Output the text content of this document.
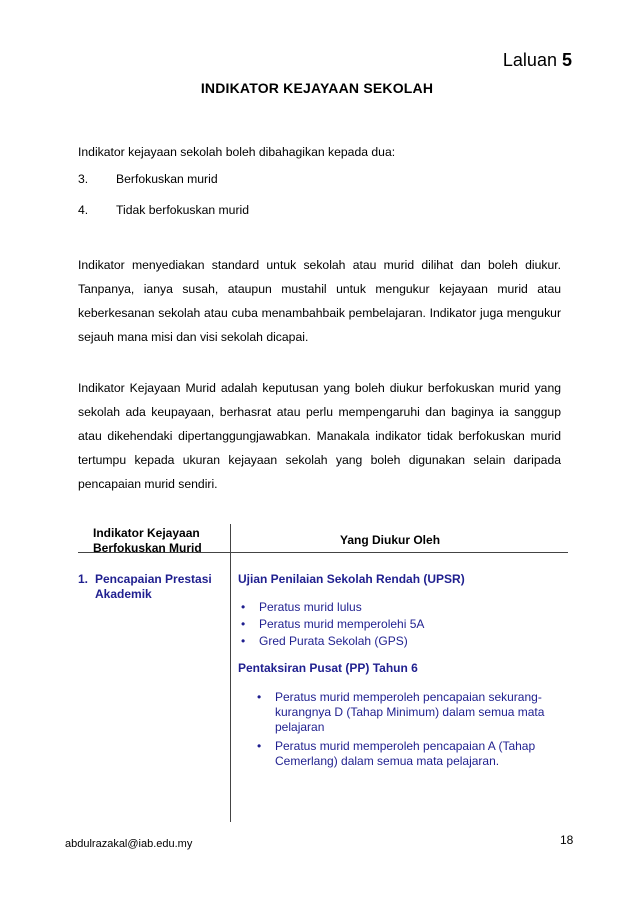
Laluan 5
INDIKATOR KEJAYAAN SEKOLAH
Indikator kejayaan sekolah boleh dibahagikan kepada dua:
3. Berfokuskan murid
4. Tidak berfokuskan murid
Indikator menyediakan standard untuk sekolah atau murid dilihat dan boleh diukur. Tanpanya, ianya susah, ataupun mustahil untuk mengukur kejayaan murid atau keberkesanan sekolah atau cuba menambahbaik pembelajaran. Indikator juga mengukur sejauh mana misi dan visi sekolah dicapai.
Indikator Kejayaan Murid adalah keputusan yang boleh diukur berfokuskan murid yang sekolah ada keupayaan, berhasrat atau perlu mempengaruhi dan baginya ia sanggup atau dikehendaki dipertanggungjawabkan. Manakala indikator tidak berfokuskan murid tertumpu kepada ukuran kejayaan sekolah yang boleh digunakan selain daripada pencapaian murid sendiri.
Indikator Kejayaan
Berfokuskan Murid
Yang Diukur Oleh
1. Pencapaian Prestasi
Akademik
Ujian Penilaian Sekolah Rendah (UPSR)
• Peratus murid lulus
• Peratus murid memperolehi 5A
• Gred Purata Sekolah (GPS)
Pentaksiran Pusat (PP) Tahun 6
• Peratus murid memperoleh pencapaian sekurang-kurangnya D (Tahap Minimum) dalam semua mata pelajaran
• Peratus murid memperoleh pencapaian A (Tahap Cemerlang) dalam semua mata pelajaran.
abdulrazakal@iab.edu.my	18
